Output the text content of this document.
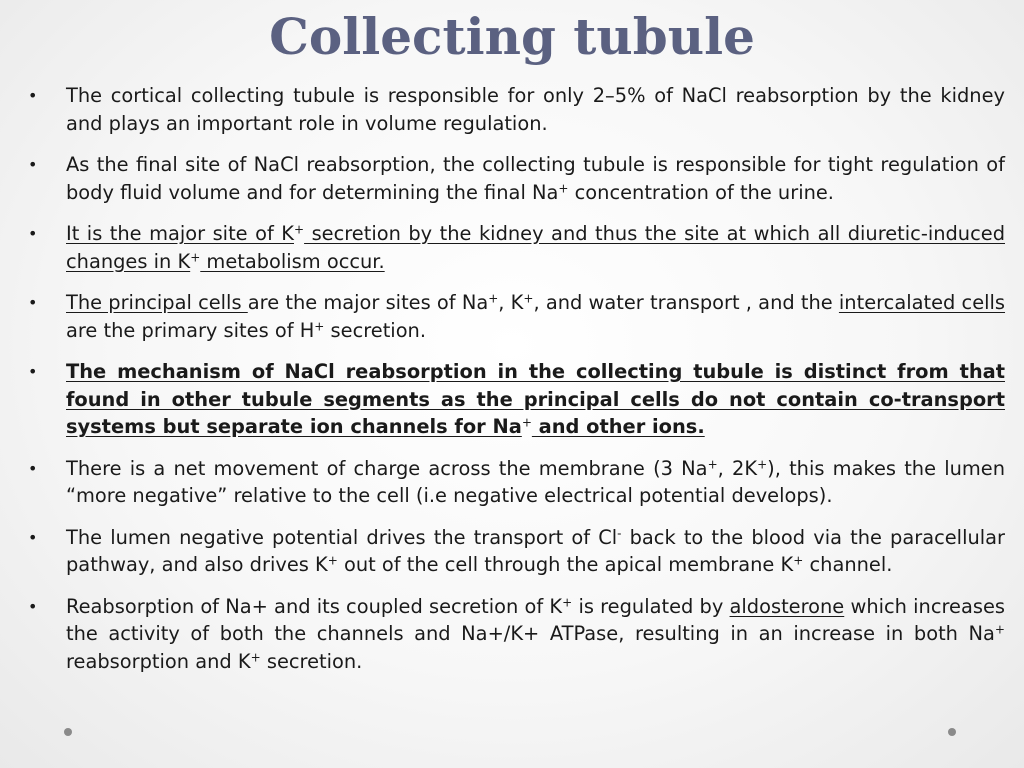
Collecting tubule
• The cortical collecting tubule is responsible for only 2–5% of NaCl reabsorption by the kidney and plays an important role in volume regulation.
• As the final site of NaCl reabsorption, the collecting tubule is responsible for tight regulation of body fluid volume and for determining the final Na+ concentration of the urine.
• It is the major site of K+ secretion by the kidney and thus the site at which all diuretic-induced changes in K+ metabolism occur.
• The principal cells are the major sites of Na+, K+, and water transport , and the intercalated cells are the primary sites of H+ secretion.
• The mechanism of NaCl reabsorption in the collecting tubule is distinct from that found in other tubule segments as the principal cells do not contain co-transport systems but separate ion channels for Na+ and other ions.
• There is a net movement of charge across the membrane (3 Na+, 2K+), this makes the lumen “more negative” relative to the cell (i.e negative electrical potential develops).
• The lumen negative potential drives the transport of Cl- back to the blood via the paracellular pathway, and also drives K+ out of the cell through the apical membrane K+ channel.
• Reabsorption of Na+ and its coupled secretion of K+ is regulated by aldosterone which increases the activity of both the channels and Na+/K+ ATPase, resulting in an increase in both Na+ reabsorption and K+ secretion.
